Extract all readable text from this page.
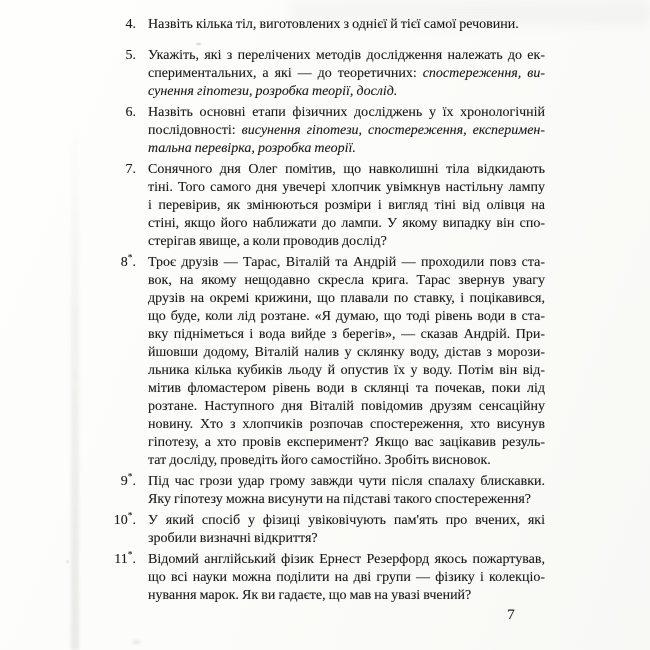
4. Назвіть кілька тіл, виготовлених з однієї й тієї самої речовини.
5. Укажіть, які з перелічених методів дослідження належать до ек-
спериментальних, а які — до теоретичних: спостереження, ви-
сунення гіпотези, розробка теорії, дослід.
6. Назвіть основні етапи фізичних досліджень у їх хронологічній
послідовності: висунення гіпотези, спостереження, експеримен-
тальна перевірка, розробка теорії.
7. Сонячного дня Олег помітив, що навколишні тіла відкидають
тіні. Того самого дня увечері хлопчик увімкнув настільну лампу
і перевірив, як змінюються розміри і вигляд тіні від олівця на
стіні, якщо його наближати до лампи. У якому випадку він спо-
стерігав явище, а коли проводив дослід?
8*. Троє друзів — Тарас, Віталій та Андрій — проходили повз ста-
вок, на якому нещодавно скресла крига. Тарас звернув увагу
друзів на окремі крижини, що плавали по ставку, і поцікавився,
що буде, коли лід розтане. «Я думаю, що тоді рівень води в ста-
вку підніметься і вода вийде з берегів», — сказав Андрій. При-
йшовши додому, Віталій налив у склянку воду, дістав з морози-
льника кілька кубиків льоду й опустив їх у воду. Потім він від-
мітив фломастером рівень води в склянці та почекав, поки лід
розтане. Наступного дня Віталій повідомив друзям сенсаційну
новину. Хто з хлопчиків розпочав спостереження, хто висунув
гіпотезу, а хто провів експеримент? Якщо вас зацікавив резуль-
тат досліду, проведіть його самостійно. Зробіть висновок.
9*. Під час грози удар грому завжди чути після спалаху блискавки.
Яку гіпотезу можна висунути на підставі такого спостереження?
10*. У який спосіб у фізиці увіковічують пам'ять про вчених, які
зробили визначні відкриття?
11*. Відомий англійський фізик Ернест Резерфорд якось пожартував,
що всі науки можна поділити на дві групи — фізику і колекціо-
нування марок. Як ви гадаєте, що мав на увазі вчений?
7
